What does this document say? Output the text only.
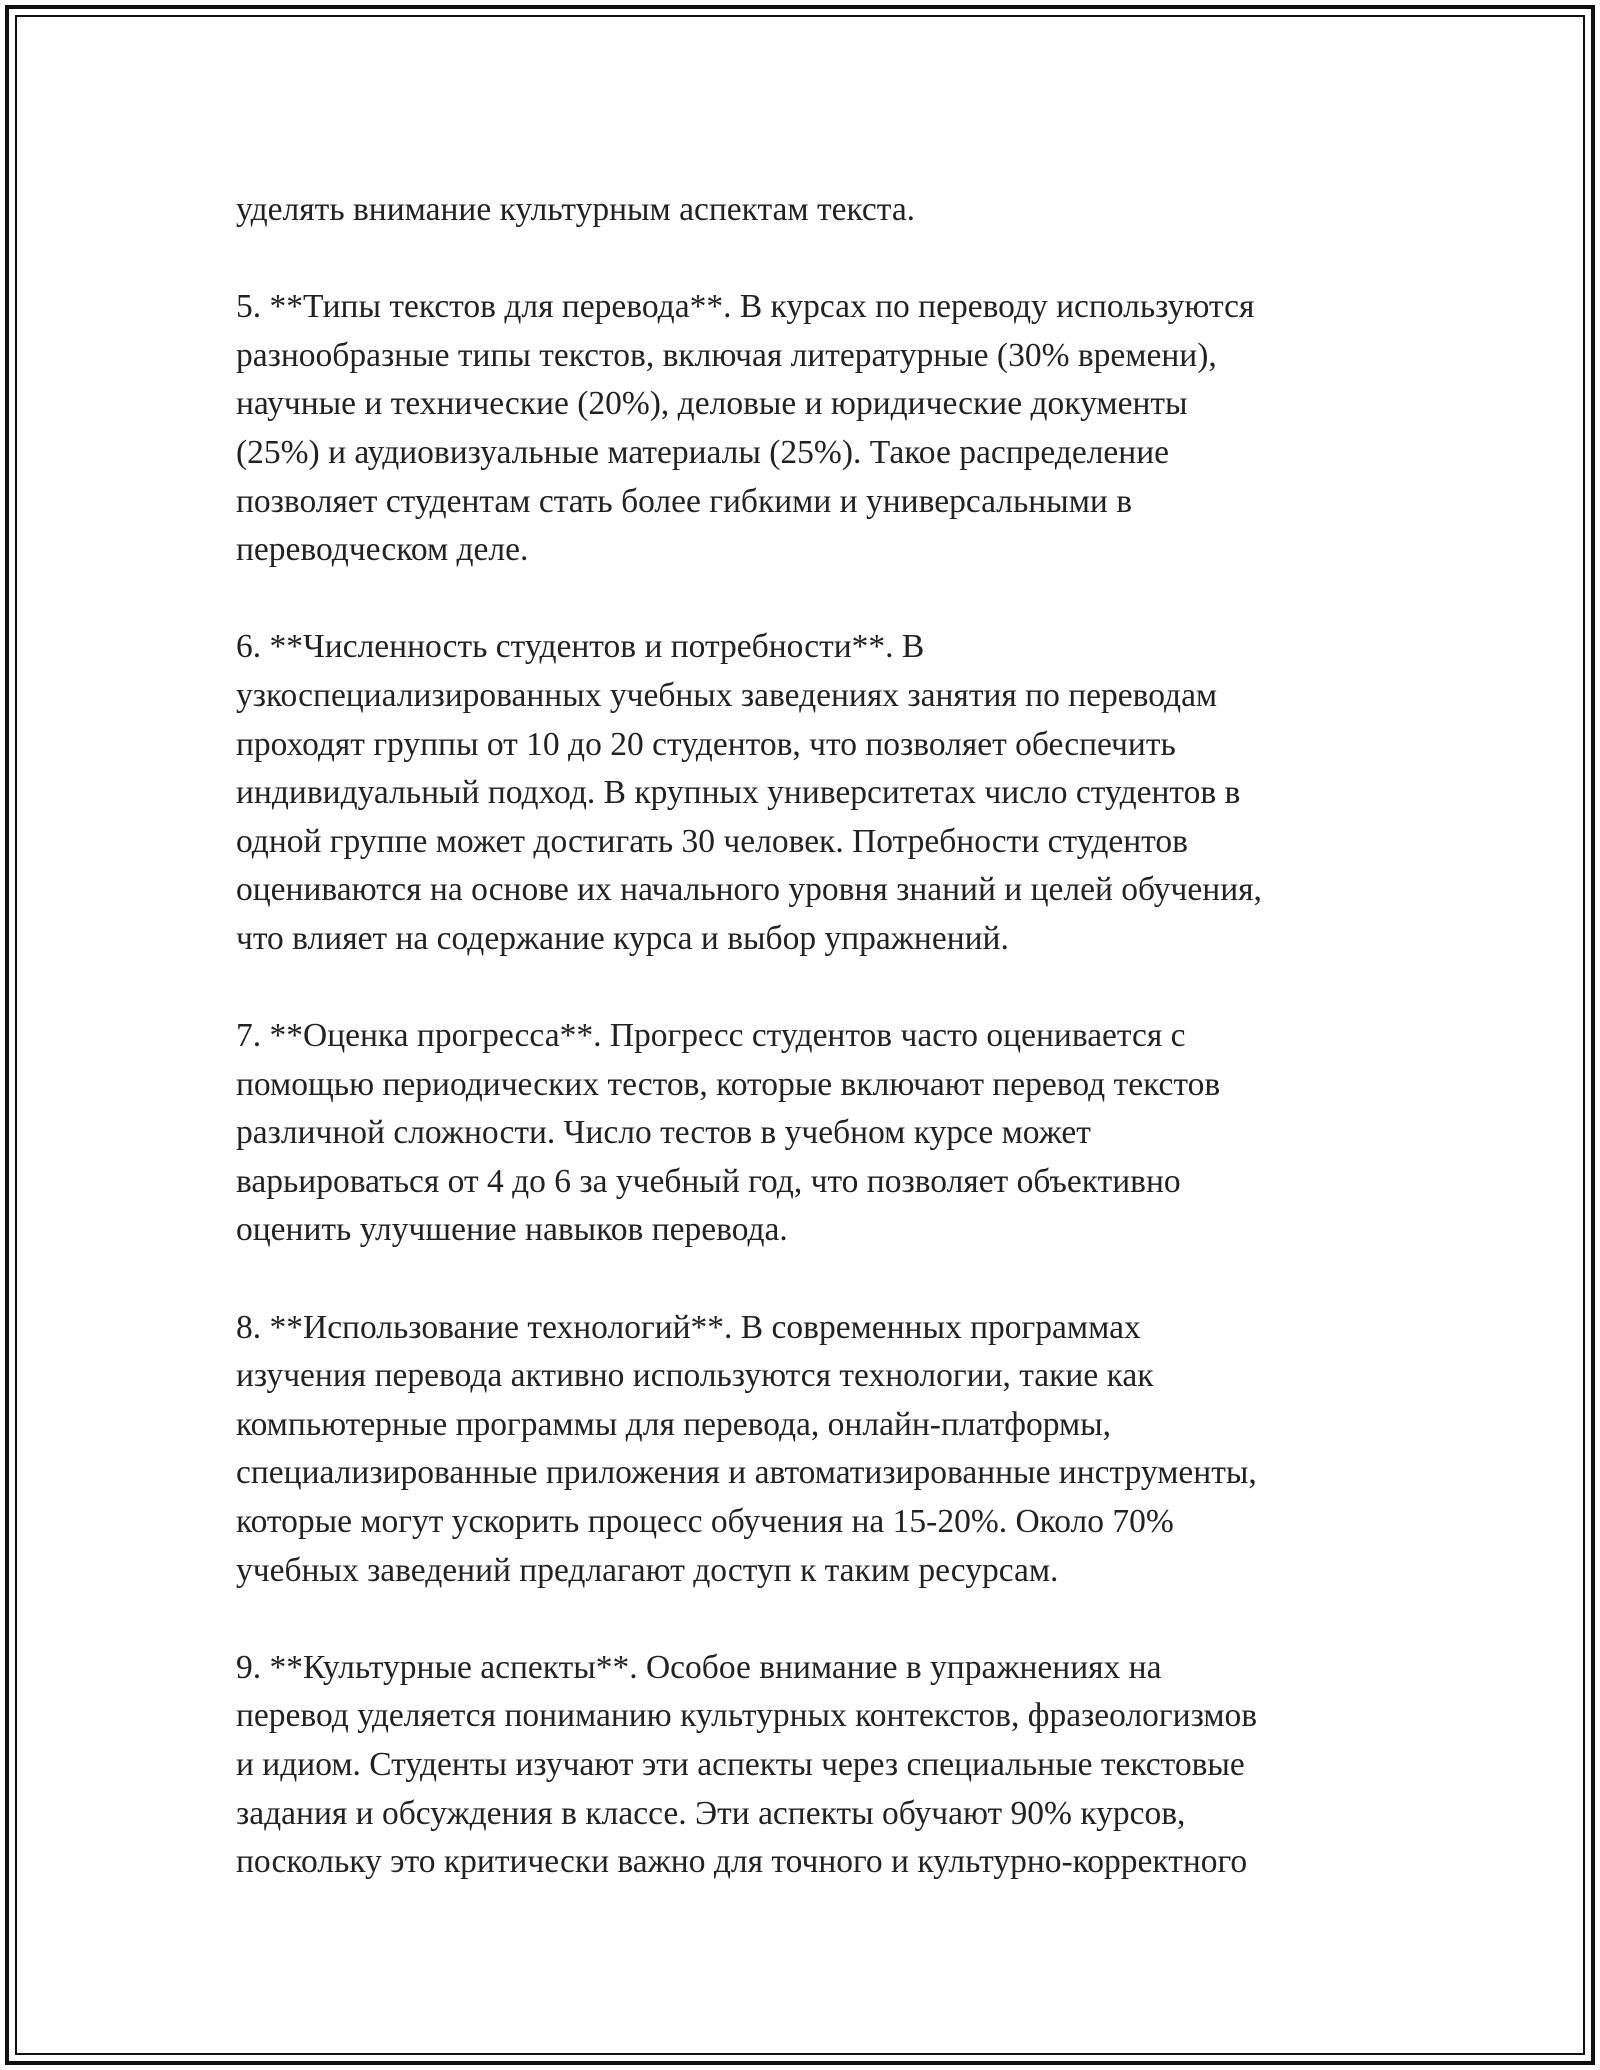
уделять внимание культурным аспектам текста.

5. **Типы текстов для перевода**. В курсах по переводу используются
разнообразные типы текстов, включая литературные (30% времени),
научные и технические (20%), деловые и юридические документы
(25%) и аудиовизуальные материалы (25%). Такое распределение
позволяет студентам стать более гибкими и универсальными в
переводческом деле.

6. **Численность студентов и потребности**. В
узкоспециализированных учебных заведениях занятия по переводам
проходят группы от 10 до 20 студентов, что позволяет обеспечить
индивидуальный подход. В крупных университетах число студентов в
одной группе может достигать 30 человек. Потребности студентов
оцениваются на основе их начального уровня знаний и целей обучения,
что влияет на содержание курса и выбор упражнений.

7. **Оценка прогресса**. Прогресс студентов часто оценивается с
помощью периодических тестов, которые включают перевод текстов
различной сложности. Число тестов в учебном курсе может
варьироваться от 4 до 6 за учебный год, что позволяет объективно
оценить улучшение навыков перевода.

8. **Использование технологий**. В современных программах
изучения перевода активно используются технологии, такие как
компьютерные программы для перевода, онлайн-платформы,
специализированные приложения и автоматизированные инструменты,
которые могут ускорить процесс обучения на 15-20%. Около 70%
учебных заведений предлагают доступ к таким ресурсам.

9. **Культурные аспекты**. Особое внимание в упражнениях на
перевод уделяется пониманию культурных контекстов, фразеологизмов
и идиом. Студенты изучают эти аспекты через специальные текстовые
задания и обсуждения в классе. Эти аспекты обучают 90% курсов,
поскольку это критически важно для точного и культурно-корректного
